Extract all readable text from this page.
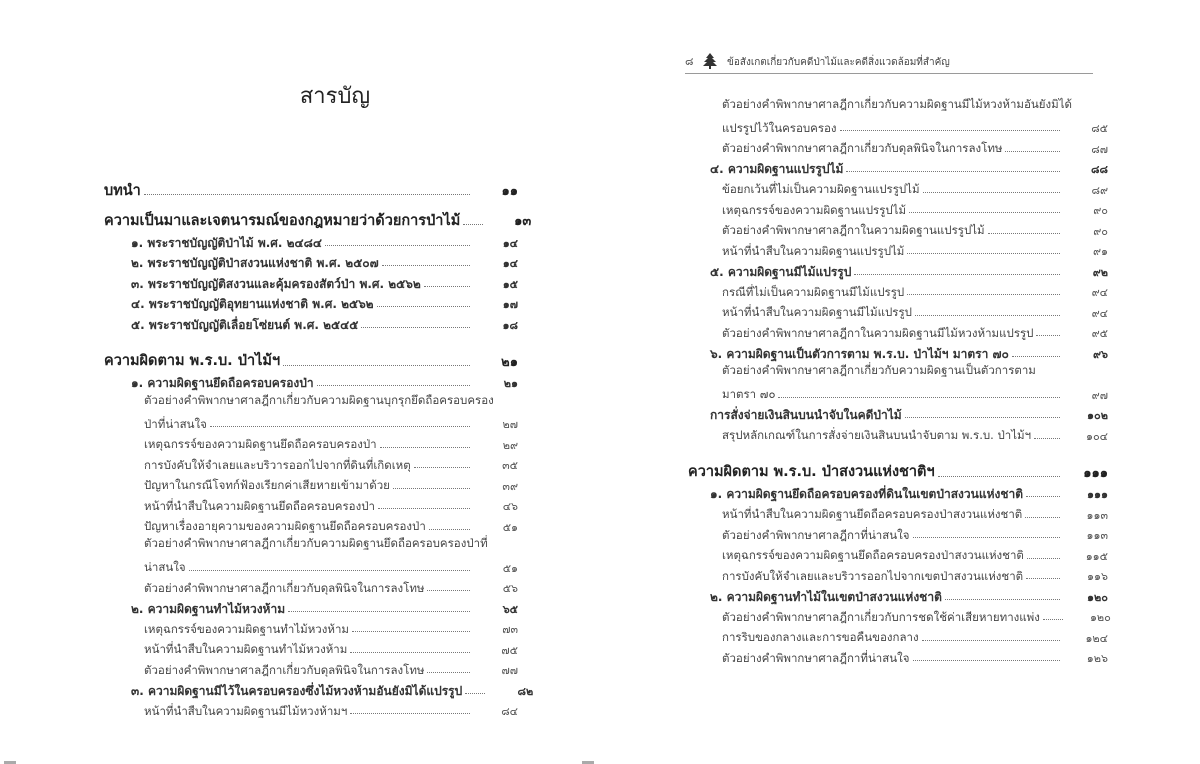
สารบัญ
บทนำ	๑๑
ความเป็นมาและเจตนารมณ์ของกฎหมายว่าด้วยการป่าไม้	๑๓
๑. พระราชบัญญัติป่าไม้ พ.ศ. ๒๔๘๔	๑๔
๒. พระราชบัญญัติป่าสงวนแห่งชาติ พ.ศ. ๒๕๐๗	๑๔
๓. พระราชบัญญัติสงวนและคุ้มครองสัตว์ป่า พ.ศ. ๒๕๖๒	๑๕
๔. พระราชบัญญัติอุทยานแห่งชาติ พ.ศ. ๒๕๖๒	๑๗
๕. พระราชบัญญัติเลื่อยโซ่ยนต์ พ.ศ. ๒๕๔๕	๑๘
ความผิดตาม พ.ร.บ. ป่าไม้ฯ	๒๑
๑. ความผิดฐานยึดถือครอบครองป่า	๒๑
ตัวอย่างคำพิพากษาศาลฎีกาเกี่ยวกับความผิดฐานบุกรุกยึดถือครอบครอง
ป่าที่น่าสนใจ	๒๗
เหตุฉกรรจ์ของความผิดฐานยึดถือครอบครองป่า	๒๙
การบังคับให้จำเลยและบริวารออกไปจากที่ดินที่เกิดเหตุ	๓๕
ปัญหาในกรณีโจทก์ฟ้องเรียกค่าเสียหายเข้ามาด้วย	๓๙
หน้าที่นำสืบในความผิดฐานยึดถือครอบครองป่า	๔๖
ปัญหาเรื่องอายุความของความผิดฐานยึดถือครอบครองป่า	๕๑
ตัวอย่างคำพิพากษาศาลฎีกาเกี่ยวกับความผิดฐานยึดถือครอบครองป่าที่
น่าสนใจ	๕๑
ตัวอย่างคำพิพากษาศาลฎีกาเกี่ยวกับดุลพินิจในการลงโทษ	๕๖
๒. ความผิดฐานทำไม้หวงห้าม	๖๕
เหตุฉกรรจ์ของความผิดฐานทำไม้หวงห้าม	๗๓
หน้าที่นำสืบในความผิดฐานทำไม้หวงห้าม	๗๕
ตัวอย่างคำพิพากษาศาลฎีกาเกี่ยวกับดุลพินิจในการลงโทษ	๗๗
๓. ความผิดฐานมีไว้ในครอบครองซึ่งไม้หวงห้ามอันยังมิได้แปรรูป	๘๒
หน้าที่นำสืบในความผิดฐานมีไม้หวงห้ามฯ	๘๔
๘	ข้อสังเกตเกี่ยวกับคดีป่าไม้และคดีสิ่งแวดล้อมที่สำคัญ
ตัวอย่างคำพิพากษาศาลฎีกาเกี่ยวกับความผิดฐานมีไม้หวงห้ามอันยังมิได้
แปรรูปไว้ในครอบครอง	๘๕
ตัวอย่างคำพิพากษาศาลฎีกาเกี่ยวกับดุลพินิจในการลงโทษ	๘๗
๔. ความผิดฐานแปรรูปไม้	๘๘
ข้อยกเว้นที่ไม่เป็นความผิดฐานแปรรูปไม้	๘๙
เหตุฉกรรจ์ของความผิดฐานแปรรูปไม้	๙๐
ตัวอย่างคำพิพากษาศาลฎีกาในความผิดฐานแปรรูปไม้	๙๐
หน้าที่นำสืบในความผิดฐานแปรรูปไม้	๙๑
๕. ความผิดฐานมีไม้แปรรูป	๙๒
กรณีที่ไม่เป็นความผิดฐานมีไม้แปรรูป	๙๔
หน้าที่นำสืบในความผิดฐานมีไม้แปรรูป	๙๔
ตัวอย่างคำพิพากษาศาลฎีกาในความผิดฐานมีไม้หวงห้ามแปรรูป	๙๕
๖. ความผิดฐานเป็นตัวการตาม พ.ร.บ. ป่าไม้ฯ มาตรา ๗๐	๙๖
ตัวอย่างคำพิพากษาศาลฎีกาเกี่ยวกับความผิดฐานเป็นตัวการตาม
มาตรา ๗๐	๙๗
การสั่งจ่ายเงินสินบนนำจับในคดีป่าไม้	๑๐๒
สรุปหลักเกณฑ์ในการสั่งจ่ายเงินสินบนนำจับตาม พ.ร.บ. ป่าไม้ฯ	๑๐๔
ความผิดตาม พ.ร.บ. ป่าสงวนแห่งชาติฯ	๑๑๑
๑. ความผิดฐานยึดถือครอบครองที่ดินในเขตป่าสงวนแห่งชาติ	๑๑๑
หน้าที่นำสืบในความผิดฐานยึดถือครอบครองป่าสงวนแห่งชาติ	๑๑๓
ตัวอย่างคำพิพากษาศาลฎีกาที่น่าสนใจ	๑๑๓
เหตุฉกรรจ์ของความผิดฐานยึดถือครอบครองป่าสงวนแห่งชาติ	๑๑๕
การบังคับให้จำเลยและบริวารออกไปจากเขตป่าสงวนแห่งชาติ	๑๑๖
๒. ความผิดฐานทำไม้ในเขตป่าสงวนแห่งชาติ	๑๒๐
ตัวอย่างคำพิพากษาศาลฎีกาเกี่ยวกับการชดใช้ค่าเสียหายทางแพ่ง	๑๒๐
การริบของกลางและการขอคืนของกลาง	๑๒๔
ตัวอย่างคำพิพากษาศาลฎีกาที่น่าสนใจ	๑๒๖
